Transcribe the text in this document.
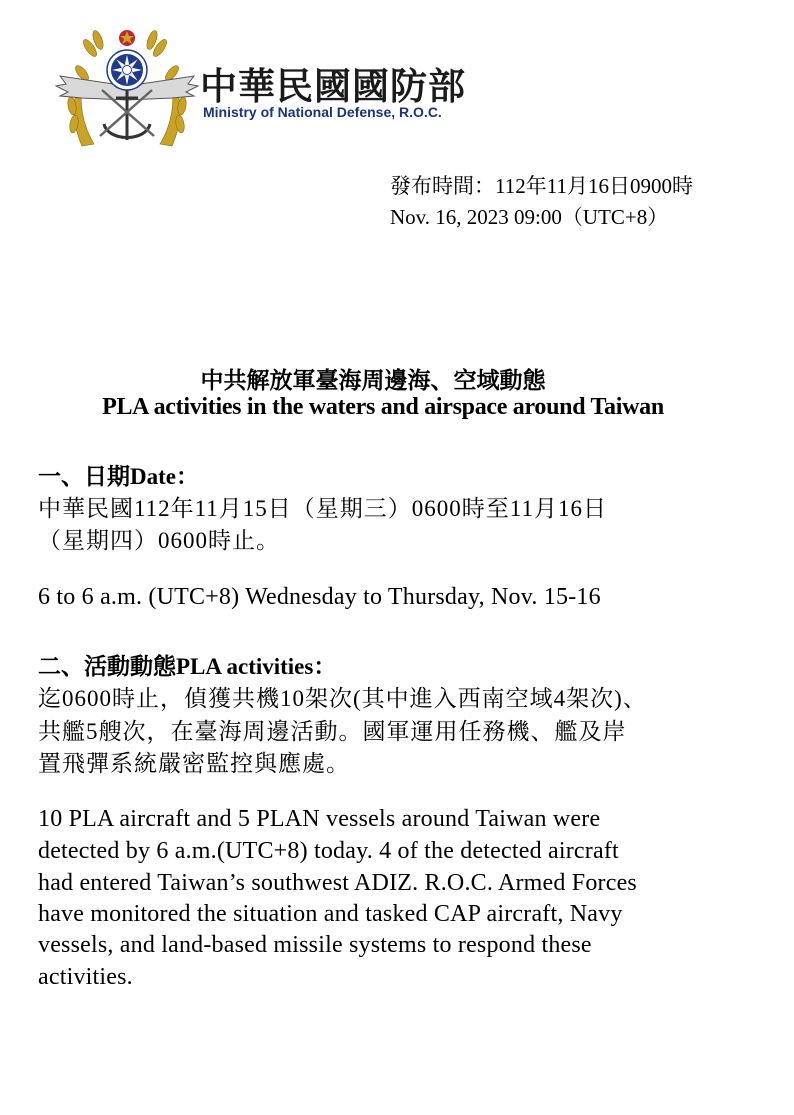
中華民國國防部
Ministry of National Defense, R.O.C.
發布時間：112年11月16日0900時
Nov. 16, 2023 09:00（UTC+8）
中共解放軍臺海周邊海、空域動態
PLA activities in the waters and airspace around Taiwan
一、日期Date：
中華民國112年11月15日（星期三）0600時至11月16日
（星期四）0600時止。
6 to 6 a.m. (UTC+8) Wednesday to Thursday, Nov. 15-16
二、活動動態PLA activities：
迄0600時止，偵獲共機10架次(其中進入西南空域4架次)、
共艦5艘次，在臺海周邊活動。國軍運用任務機、艦及岸
置飛彈系統嚴密監控與應處。
10 PLA aircraft and 5 PLAN vessels around Taiwan were
detected by 6 a.m.(UTC+8) today. 4 of the detected aircraft
had entered Taiwan’s southwest ADIZ. R.O.C. Armed Forces
have monitored the situation and tasked CAP aircraft, Navy
vessels, and land-based missile systems to respond these
activities.
